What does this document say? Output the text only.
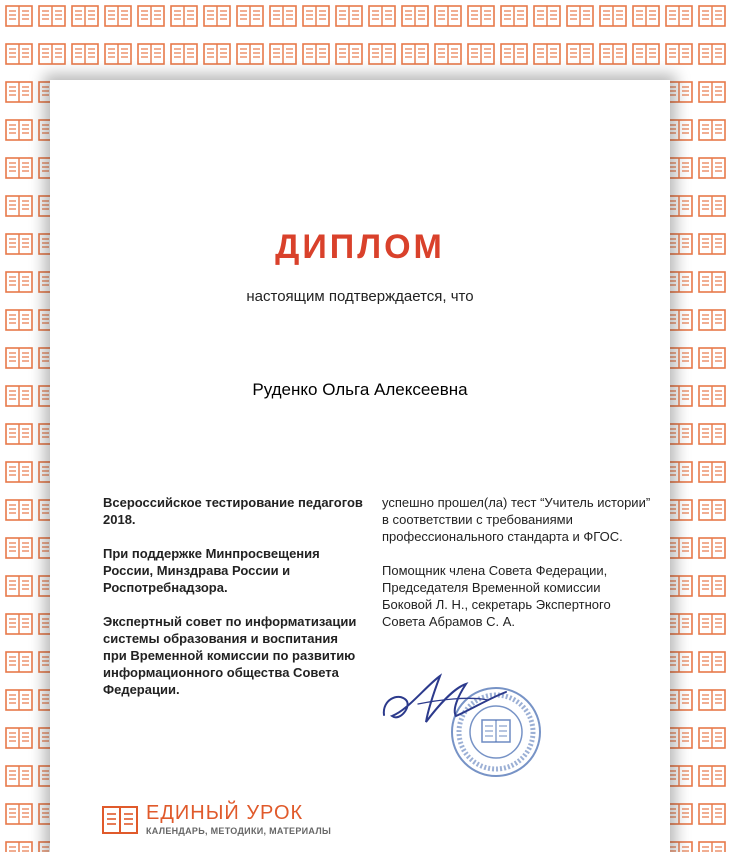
ДИПЛОМ
настоящим подтверждается, что
Руденко Ольга Алексеевна

Всероссийское тестирование педагогов 2018.

При поддержке Минпросвещения России, Минздрава России и Роспотребнадзора.

Экспертный совет по информатизации системы образования и воспитания при Временной комиссии по развитию информационного общества Совета Федерации.

успешно прошел(ла) тест “Учитель истории” в соответствии с требованиями профессионального стандарта и ФГОС.

Помощник члена Совета Федерации, Председателя Временной комиссии Боковой Л. Н., секретарь Экспертного Совета Абрамов С. А.

ЕДИНЫЙ УРОК
КАЛЕНДАРЬ, МЕТОДИКИ, МАТЕРИАЛЫ
